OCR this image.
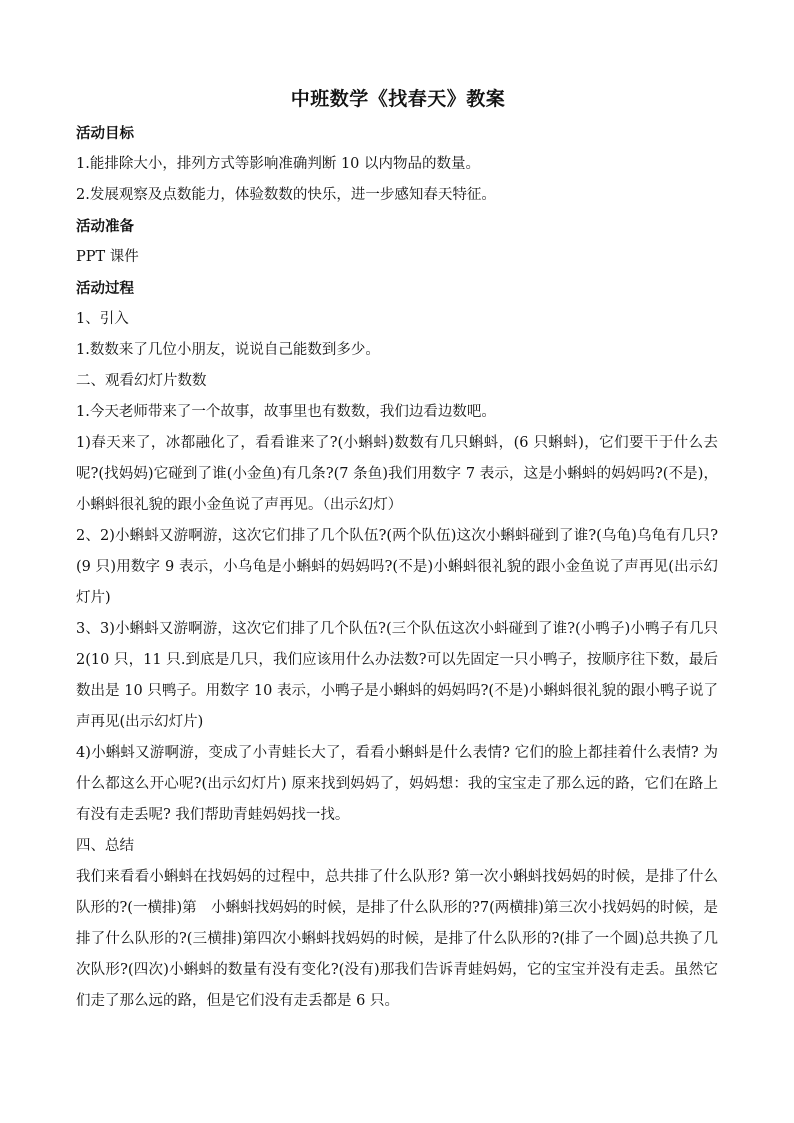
中班数学《找春天》教案
活动目标
1.能排除大小，排列方式等影响准确判断 10 以内物品的数量。
2.发展观察及点数能力，体验数数的快乐，进一步感知春天特征。
活动准备
PPT 课件
活动过程
1、引入
1.数数来了几位小朋友，说说自己能数到多少。
二、观看幻灯片数数
1.今天老师带来了一个故事，故事里也有数数，我们边看边数吧。
1)春天来了，冰都融化了，看看谁来了?(小蝌蚪)数数有几只蝌蚪，(6 只蝌蚪)，它们要干于什么去呢?(找妈妈)它碰到了谁(小金鱼)有几条?(7 条鱼)我们用数字 7 表示，这是小蝌蚪的妈妈吗?(不是)，小蝌蚪很礼貌的跟小金鱼说了声再见。（出示幻灯）
2、2)小蝌蚪又游啊游，这次它们排了几个队伍?(两个队伍)这次小蝌蚪碰到了谁?(乌龟)乌龟有几只?(9 只)用数字 9 表示，小乌龟是小蝌蚪的妈妈吗?(不是)小蝌蚪很礼貌的跟小金鱼说了声再见(出示幻灯片)
3、3)小蝌蚪又游啊游，这次它们排了几个队伍?(三个队伍这次小蚪碰到了谁?(小鸭子)小鸭子有几只 2(10 只，11 只.到底是几只，我们应该用什么办法数?可以先固定一只小鸭子，按顺序往下数，最后数出是 10 只鸭子。用数字 10 表示，小鸭子是小蝌蚪的妈妈吗?(不是)小蝌蚪很礼貌的跟小鸭子说了声再见(出示幻灯片)
4)小蝌蚪又游啊游，变成了小青蛙长大了，看看小蝌蚪是什么表情? 它们的脸上都挂着什么表情? 为什么都这么开心呢?(出示幻灯片) 原来找到妈妈了，妈妈想：我的宝宝走了那么远的路，它们在路上有没有走丢呢? 我们帮助青蛙妈妈找一找。
四、总结
我们来看看小蝌蚪在找妈妈的过程中，总共排了什么队形? 第一次小蝌蚪找妈妈的时候，是排了什么队形的?(一横排)第　小蝌蚪找妈妈的时候，是排了什么队形的?7(两横排)第三次小找妈妈的时候，是排了什么队形的?(三横排)第四次小蝌蚪找妈妈的时候，是排了什么队形的?(排了一个圆)总共换了几次队形?(四次)小蝌蚪的数量有没有变化?(没有)那我们告诉青蛙妈妈，它的宝宝并没有走丢。虽然它们走了那么远的路，但是它们没有走丢都是 6 只。
